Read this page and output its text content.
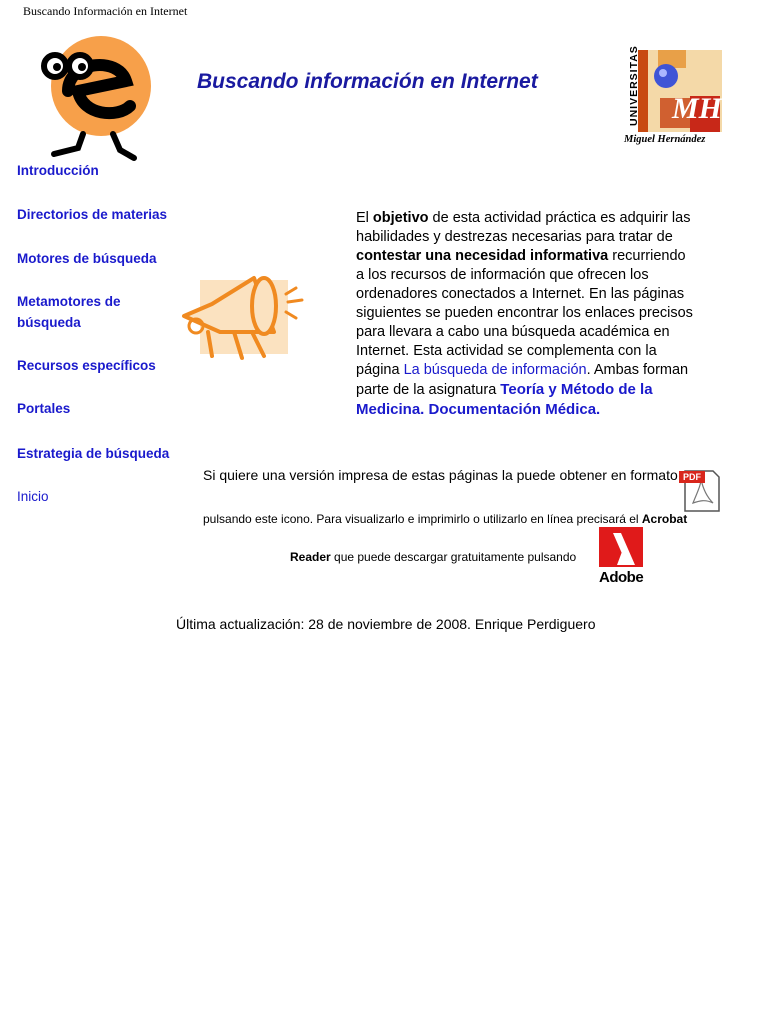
Buscando Información en Internet
Buscando información en Internet	UNIVERSITAS MH
Miguel Hernández
Introducción
Directorios de materias
Motores de búsqueda
Metamotores de búsqueda
Recursos específicos
Portales
Estrategia de búsqueda
Inicio
El objetivo de esta actividad práctica es adquirir las habilidades y destrezas necesarias para tratar de contestar una necesidad informativa recurriendo a los recursos de información que ofrecen los ordenadores conectados a Internet. En las páginas siguientes se pueden encontrar los enlaces precisos para llevara a cabo una búsqueda académica en Internet. Esta actividad se complementa con la página La búsqueda de información. Ambas forman parte de la asignatura Teoría y Método de la Medicina. Documentación Médica.
Si quiere una versión impresa de estas páginas la puede obtener en formato PDF
pulsando este icono. Para visualizarlo e imprimirlo o utilizarlo en línea precisará el Acrobat
Reader que puede descargar gratuitamente pulsando
Adobe
Última actualización: 28 de noviembre de 2008. Enrique Perdiguero
